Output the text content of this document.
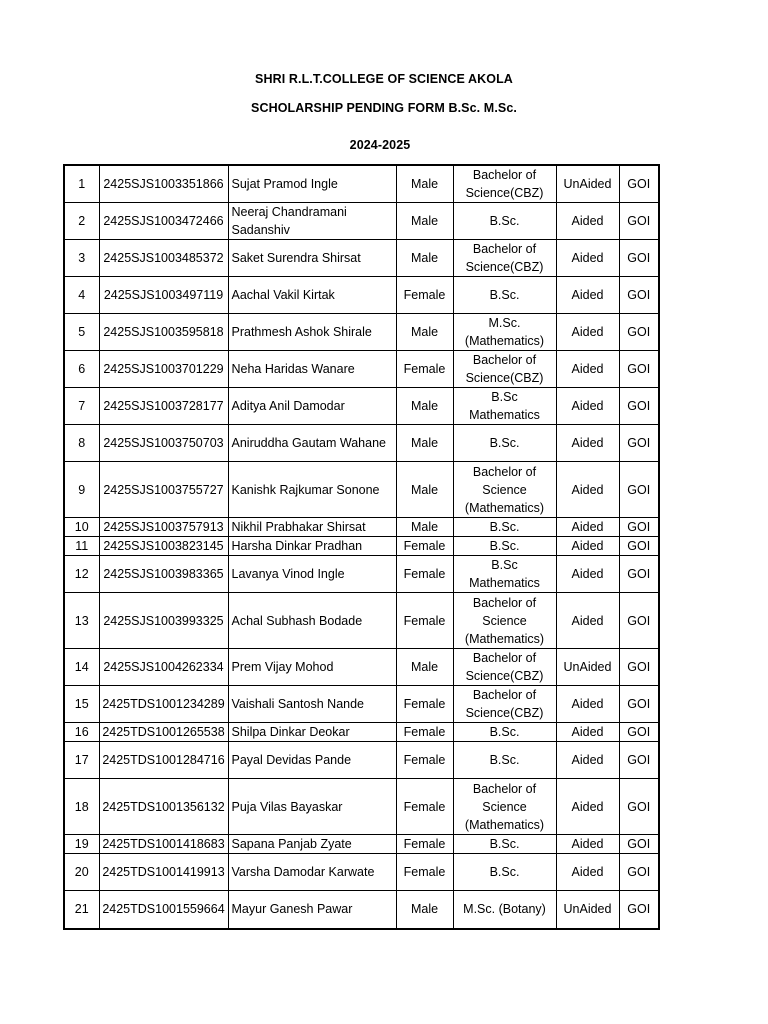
SHRI R.L.T.COLLEGE OF SCIENCE AKOLA
SCHOLARSHIP PENDING FORM B.Sc. M.Sc.
2024-2025
1	2425SJS1003351866	Sujat Pramod Ingle	Male	Bachelor of Science(CBZ)	UnAided	GOI
2	2425SJS1003472466	Neeraj Chandramani Sadanshiv	Male	B.Sc.	Aided	GOI
3	2425SJS1003485372	Saket Surendra Shirsat	Male	Bachelor of Science(CBZ)	Aided	GOI
4	2425SJS1003497119	Aachal Vakil Kirtak	Female	B.Sc.	Aided	GOI
5	2425SJS1003595818	Prathmesh Ashok Shirale	Male	M.Sc. (Mathematics)	Aided	GOI
6	2425SJS1003701229	Neha Haridas Wanare	Female	Bachelor of Science(CBZ)	Aided	GOI
7	2425SJS1003728177	Aditya Anil Damodar	Male	B.Sc Mathematics	Aided	GOI
8	2425SJS1003750703	Aniruddha Gautam Wahane	Male	B.Sc.	Aided	GOI
9	2425SJS1003755727	Kanishk Rajkumar Sonone	Male	Bachelor of Science (Mathematics)	Aided	GOI
10	2425SJS1003757913	Nikhil Prabhakar Shirsat	Male	B.Sc.	Aided	GOI
11	2425SJS1003823145	Harsha Dinkar Pradhan	Female	B.Sc.	Aided	GOI
12	2425SJS1003983365	Lavanya Vinod Ingle	Female	B.Sc Mathematics	Aided	GOI
13	2425SJS1003993325	Achal Subhash Bodade	Female	Bachelor of Science (Mathematics)	Aided	GOI
14	2425SJS1004262334	Prem Vijay Mohod	Male	Bachelor of Science(CBZ)	UnAided	GOI
15	2425TDS1001234289	Vaishali Santosh Nande	Female	Bachelor of Science(CBZ)	Aided	GOI
16	2425TDS1001265538	Shilpa Dinkar Deokar	Female	B.Sc.	Aided	GOI
17	2425TDS1001284716	Payal Devidas Pande	Female	B.Sc.	Aided	GOI
18	2425TDS1001356132	Puja Vilas Bayaskar	Female	Bachelor of Science (Mathematics)	Aided	GOI
19	2425TDS1001418683	Sapana Panjab Zyate	Female	B.Sc.	Aided	GOI
20	2425TDS1001419913	Varsha Damodar Karwate	Female	B.Sc.	Aided	GOI
21	2425TDS1001559664	Mayur Ganesh Pawar	Male	M.Sc. (Botany)	UnAided	GOI
